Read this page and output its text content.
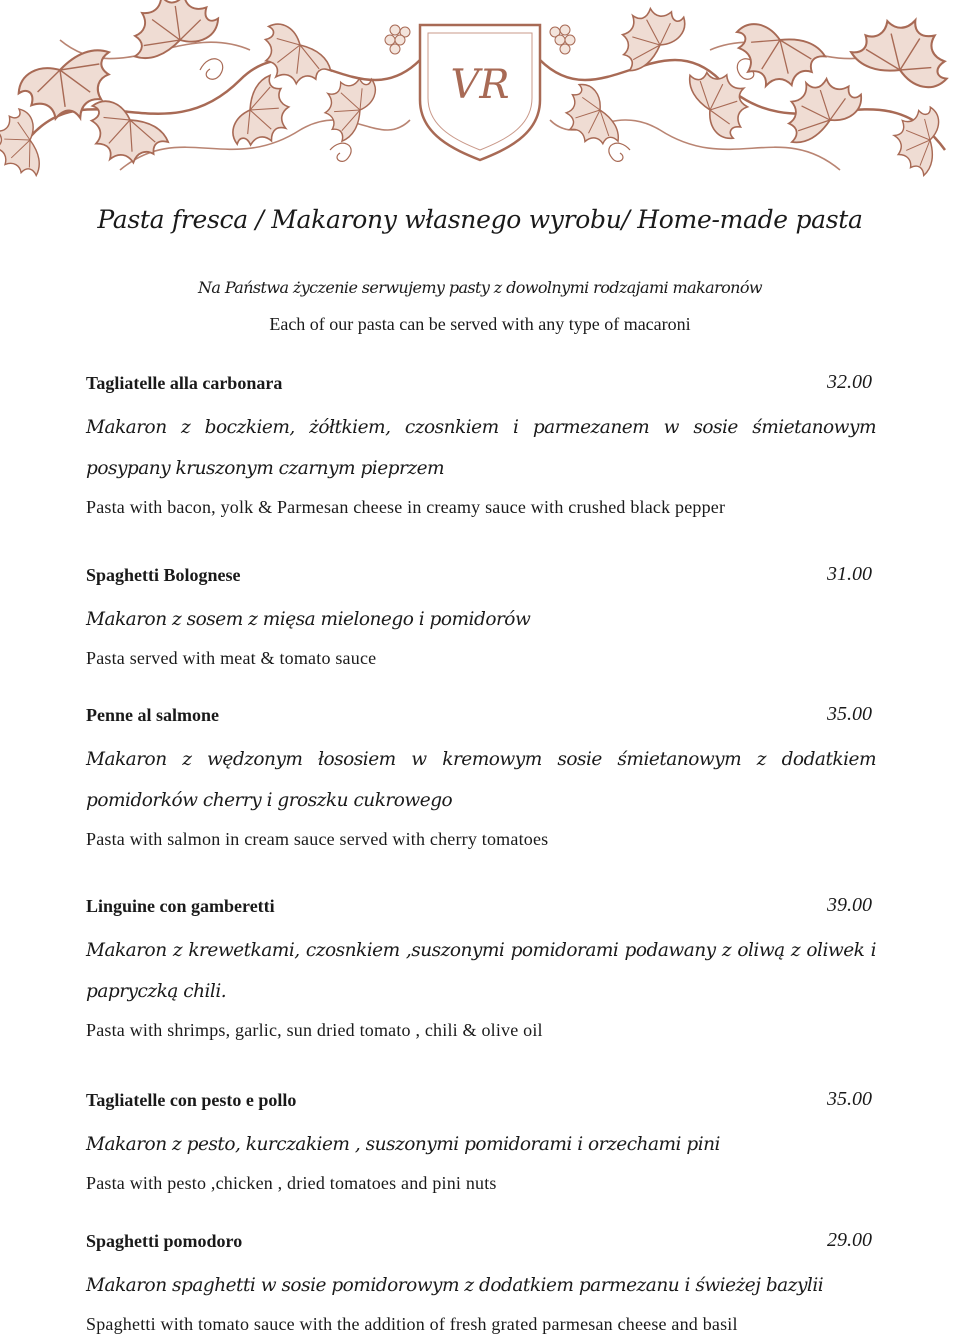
VR
Pasta fresca / Makarony własnego wyrobu/ Home-made pasta

Na Państwa życzenie serwujemy pasty z dowolnymi rodzajami makaronów

Each of our pasta can be served with any type of macaroni

Tagliatelle alla carbonara	32.00
Makaron z boczkiem, żółtkiem, czosnkiem i parmezanem w sosie śmietanowym posypany kruszonym czarnym pieprzem
Pasta with bacon, yolk & Parmesan cheese in creamy sauce with crushed black pepper
Spaghetti Bolognese	31.00
Makaron z sosem z mięsa mielonego i pomidorów
Pasta served with meat & tomato sauce
Penne al salmone	35.00
Makaron z wędzonym łososiem w kremowym sosie śmietanowym z dodatkiem pomidorków cherry i groszku cukrowego
Pasta with salmon in cream sauce served with cherry tomatoes
Linguine con gamberetti	39.00
Makaron z krewetkami, czosnkiem ,suszonymi pomidorami podawany z oliwą z oliwek i papryczką chili.
Pasta with shrimps, garlic, sun dried tomato , chili & olive oil
Tagliatelle con pesto e pollo	35.00
Makaron z pesto, kurczakiem , suszonymi pomidorami i orzechami pini
Pasta with pesto ,chicken , dried tomatoes and pini nuts
Spaghetti pomodoro	29.00
Makaron spaghetti w sosie pomidorowym z dodatkiem parmezanu i świeżej bazylii
Spaghetti with tomato sauce with the addition of fresh grated parmesan cheese and basil
